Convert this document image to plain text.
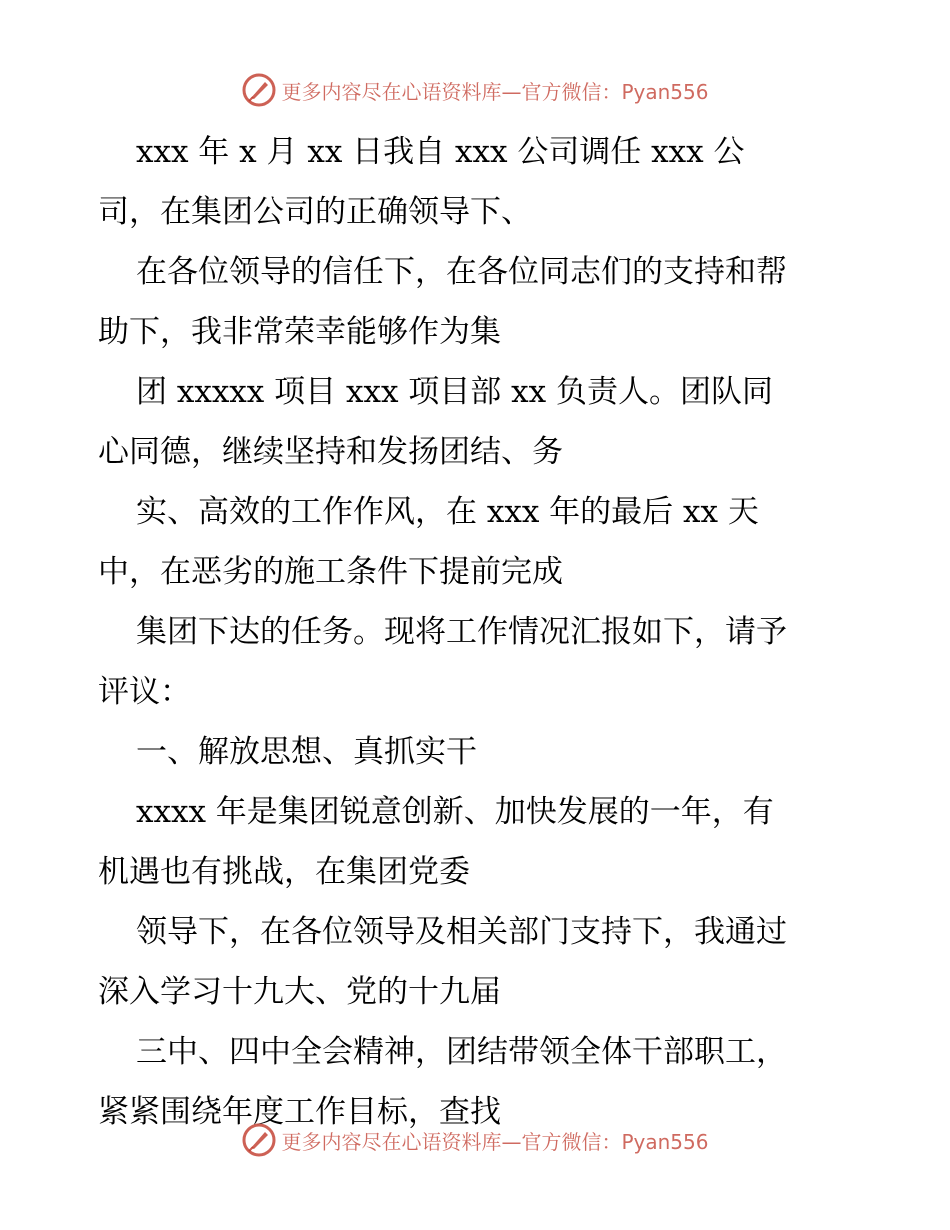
更多内容尽在心语资料库—官方微信：Pyan556
xxx 年 x 月 xx 日我自 xxx 公司调任 xxx 公
司，在集团公司的正确领导下、
在各位领导的信任下，在各位同志们的支持和帮
助下，我非常荣幸能够作为集
团 xxxxx 项目 xxx 项目部 xx 负责人。团队同
心同德，继续坚持和发扬团结、务
实、高效的工作作风，在 xxx 年的最后 xx 天
中，在恶劣的施工条件下提前完成
集团下达的任务。现将工作情况汇报如下，请予
评议：
一、解放思想、真抓实干
xxxx 年是集团锐意创新、加快发展的一年，有
机遇也有挑战，在集团党委
领导下，在各位领导及相关部门支持下，我通过
深入学习十九大、党的十九届
三中、四中全会精神，团结带领全体干部职工，
紧紧围绕年度工作目标，查找
更多内容尽在心语资料库—官方微信：Pyan556
